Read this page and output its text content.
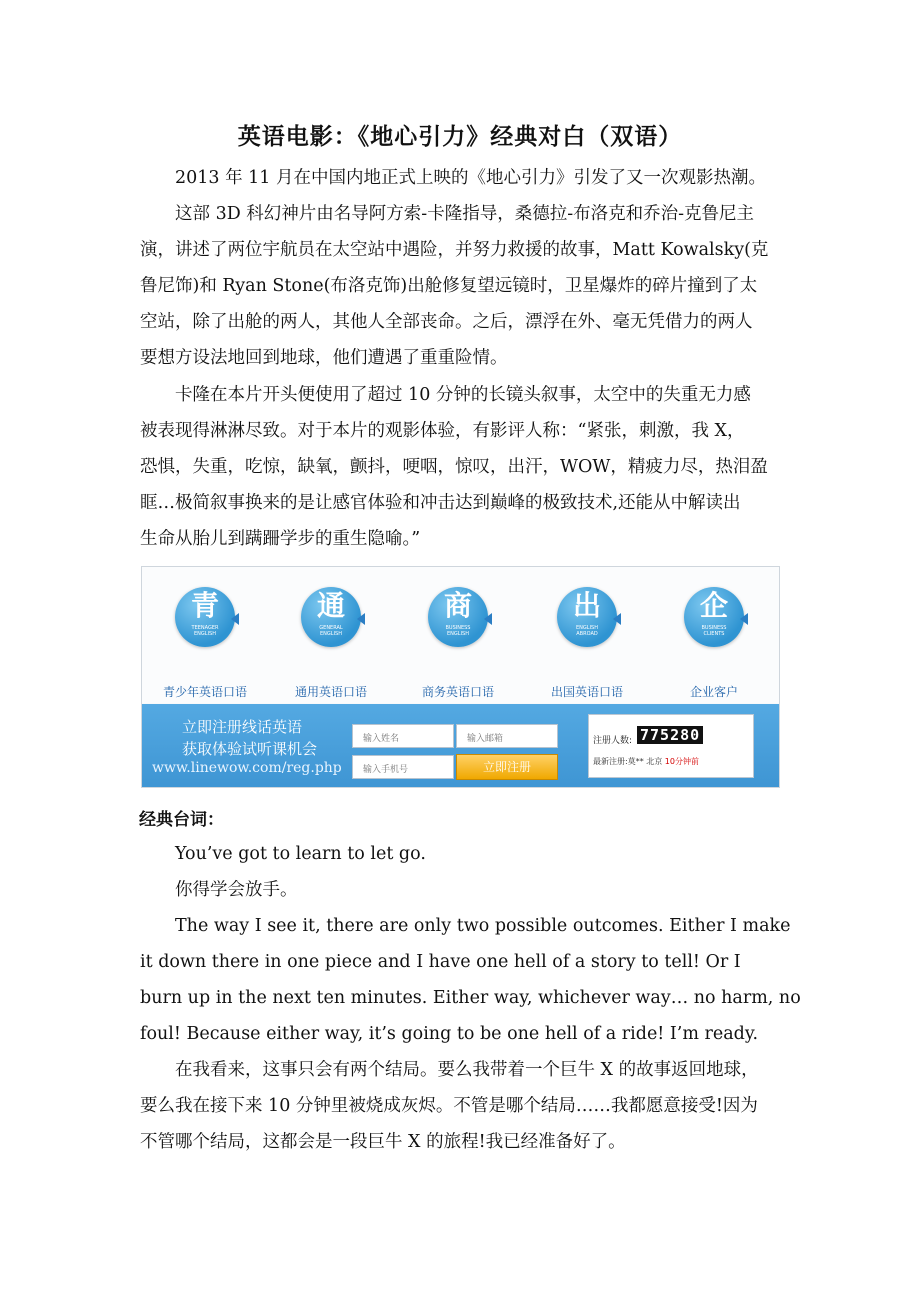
英语电影：《地心引力》经典对白（双语）
2013 年 11 月在中国内地正式上映的《地心引力》引发了又一次观影热潮。
这部 3D 科幻神片由名导阿方索-卡隆指导，桑德拉-布洛克和乔治-克鲁尼主
演，讲述了两位宇航员在太空站中遇险，并努力救援的故事，Matt Kowalsky(克
鲁尼饰)和 Ryan Stone(布洛克饰)出舱修复望远镜时，卫星爆炸的碎片撞到了太
空站，除了出舱的两人，其他人全部丧命。之后，漂浮在外、毫无凭借力的两人
要想方设法地回到地球，他们遭遇了重重险情。
卡隆在本片开头便使用了超过 10 分钟的长镜头叙事，太空中的失重无力感
被表现得淋淋尽致。对于本片的观影体验，有影评人称：“紧张，刺激，我 X，
恐惧，失重，吃惊，缺氧，颤抖，哽咽，惊叹，出汗，WOW，精疲力尽，热泪盈
眶…极简叙事换来的是让感官体验和冲击达到巅峰的极致技术,还能从中解读出
生命从胎儿到蹒跚学步的重生隐喻。”
青
TEENAGER
ENGLISH
青少年英语口语
通
GENERAL
ENGLISH
通用英语口语
商
BUSINESS
ENGLISH
商务英语口语
出
ENGLISH
ABROAD
出国英语口语
企
BUSINESS
CLIENTS
企业客户
立即注册线话英语
获取体验试听课机会
www.linewow.com/reg.php
输入姓名	输入邮箱
输入手机号	立即注册
注册人数: 775280
最新注册:莫** 北京 10分钟前
经典台词：
You’ve got to learn to let go.
你得学会放手。
The way I see it, there are only two possible outcomes. Either I make
it down there in one piece and I have one hell of a story to tell! Or I
burn up in the next ten minutes. Either way, whichever way… no harm, no
foul! Because either way, it’s going to be one hell of a ride! I’m ready.
在我看来，这事只会有两个结局。要么我带着一个巨牛 X 的故事返回地球，
要么我在接下来 10 分钟里被烧成灰烬。不管是哪个结局……我都愿意接受!因为
不管哪个结局，这都会是一段巨牛 X 的旅程!我已经准备好了。
